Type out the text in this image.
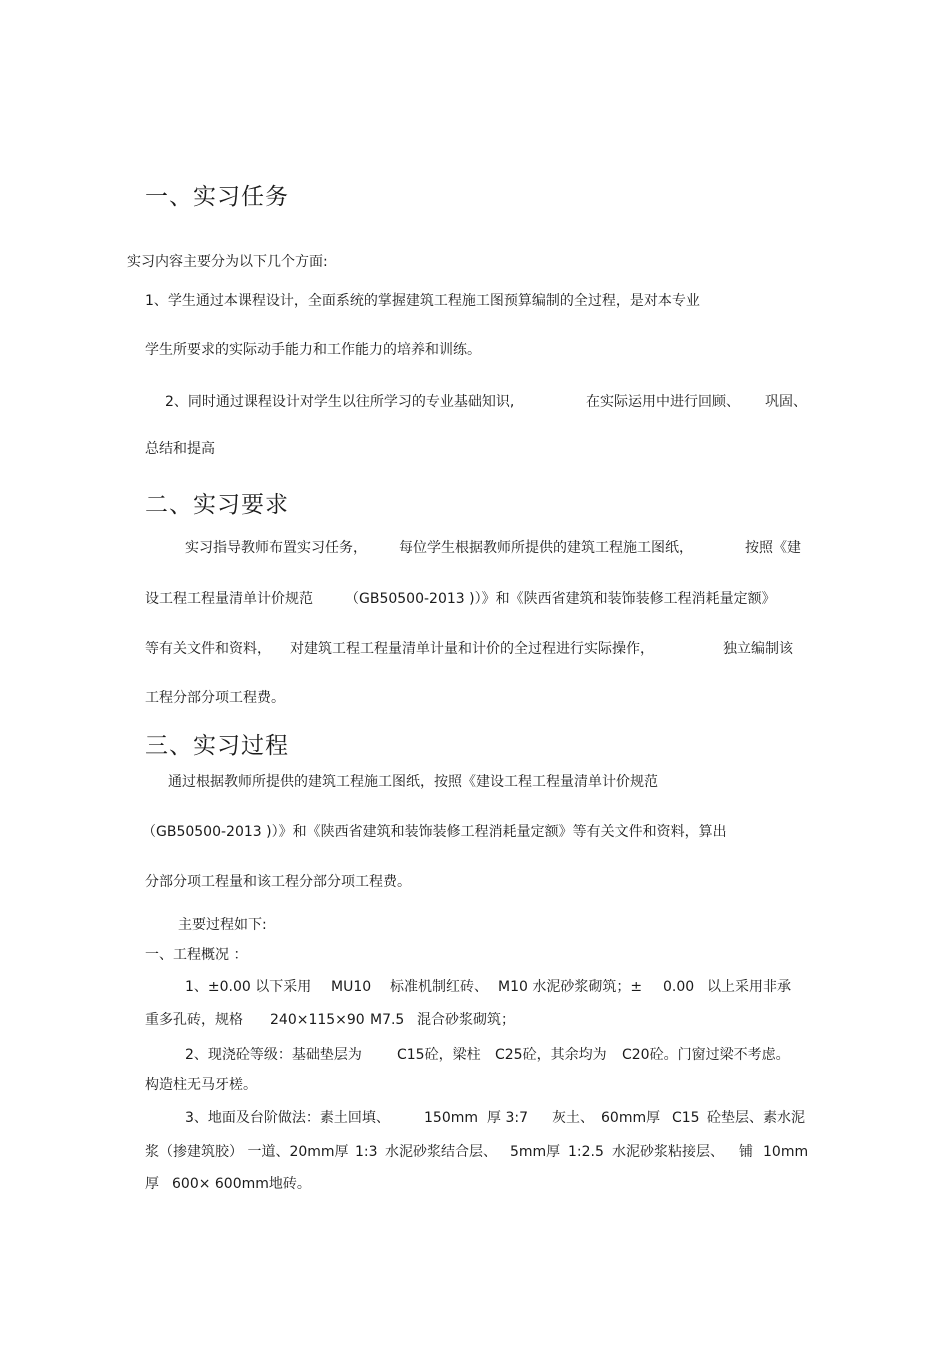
一、实习任务
实习内容主要分为以下几个方面:
1、学生通过本课程设计，全面系统的掌握建筑工程施工图预算编制的全过程，是对本专业
学生所要求的实际动手能力和工作能力的培养和训练。
2、同时通过课程设计对学生以往所学习的专业基础知识,	在实际运用中进行回顾、 巩固、
总结和提高
二、实习要求
实习指导教师布置实习任务， 每位学生根据教师所提供的建筑工程施工图纸，	按照《建
设工程工程量清单计价规范 （GB50500-2013 )）》和《陕西省建筑和装饰装修工程消耗量定额》
等有关文件和资料， 对建筑工程工程量清单计量和计价的全过程进行实际操作，	独立编制该
工程分部分项工程费。
三、实习过程
通过根据教师所提供的建筑工程施工图纸，按照《建设工程工程量清单计价规范
（GB50500-2013 )）》和《陕西省建筑和装饰装修工程消耗量定额》等有关文件和资料，算出
分部分项工程量和该工程分部分项工程费。
主要过程如下:
一、工程概况 ：
1、±0.00 以下采用 MU10 标准机制红砖、 M10 水泥砂浆砌筑；± 0.00 以上采用非承
重多孔砖，规格 240×115×90 M7.5 混合砂浆砌筑；
2、现浇砼等级：基础垫层为	C15砼，梁柱 C25砼，其余均为 C20砼。门窗过梁不考虑。
构造柱无马牙槎。
3、地面及台阶做法：素土回填、 150mm 厚 3:7 灰土、 60mm厚 C15 砼垫层、素水泥
浆（掺建筑胶） 一道、20mm厚 1:3 水泥砂浆结合层、 5mm厚 1:2.5 水泥砂浆粘接层、 铺 10mm
厚 600× 600mm地砖。
